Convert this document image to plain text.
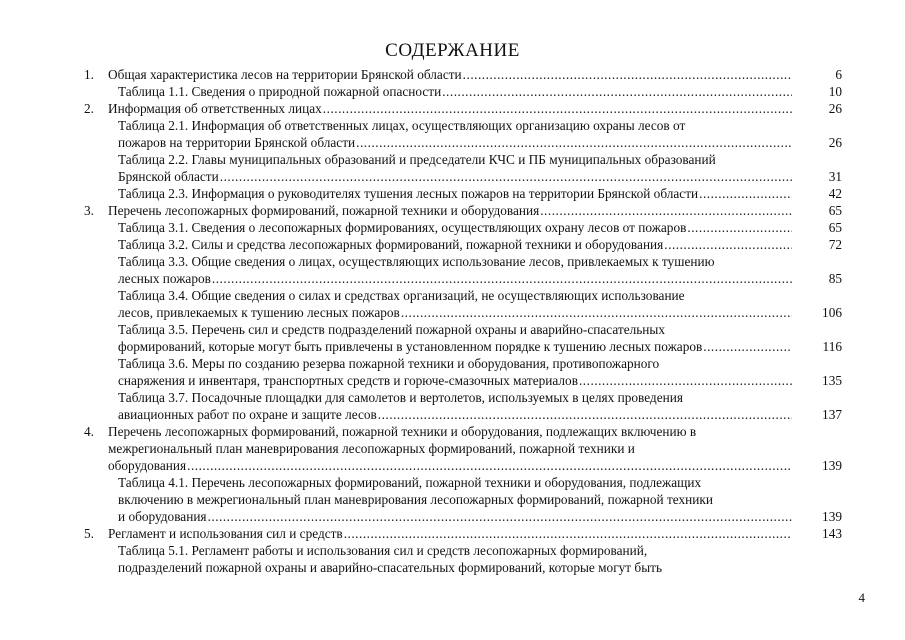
СОДЕРЖАНИЕ
1.	Общая характеристика лесов на территории Брянской области .....	6
Таблица 1.1. Сведения о природной пожарной опасности .....	10
2.	Информация об ответственных лицах .....	26
Таблица 2.1. Информация об ответственных лицах, осуществляющих организацию охраны лесов от
пожаров на территории Брянской области .....	26
Таблица 2.2. Главы муниципальных образований и председатели КЧС и ПБ муниципальных образований
Брянской области .....	31
Таблица 2.3. Информация о руководителях тушения лесных пожаров на территории Брянской области .....	42
3.	Перечень лесопожарных формирований, пожарной техники и оборудования .....	65
Таблица 3.1. Сведения о лесопожарных формированиях, осуществляющих охрану лесов от пожаров .....	65
Таблица 3.2. Силы и средства лесопожарных формирований, пожарной техники и оборудования .....	72
Таблица 3.3. Общие сведения о лицах, осуществляющих использование лесов, привлекаемых к тушению
лесных пожаров .....	85
Таблица 3.4. Общие сведения о силах и средствах организаций, не осуществляющих использование
лесов, привлекаемых к тушению лесных пожаров .....	106
Таблица 3.5. Перечень сил и средств подразделений пожарной охраны и аварийно-спасательных
формирований, которые могут быть привлечены в установленном порядке к тушению лесных пожаров .....	116
Таблица 3.6. Меры по созданию резерва пожарной техники и оборудования, противопожарного
снаряжения и инвентаря, транспортных средств и горюче-смазочных материалов .....	135
Таблица 3.7. Посадочные площадки для самолетов и вертолетов, используемых в целях проведения
авиационных работ по охране и защите лесов .....	137
4.	Перечень лесопожарных формирований, пожарной техники и оборудования, подлежащих включению в
межрегиональный план маневрирования лесопожарных формирований, пожарной техники и
оборудования .....	139
Таблица 4.1. Перечень лесопожарных формирований, пожарной техники и оборудования, подлежащих
включению в межрегиональный план маневрирования лесопожарных формирований, пожарной техники
и оборудования .....	139
5.	Регламент и использования сил и средств .....	143
Таблица 5.1. Регламент работы и использования сил и средств лесопожарных формирований,
подразделений пожарной охраны и аварийно-спасательных формирований, которые могут быть
4
